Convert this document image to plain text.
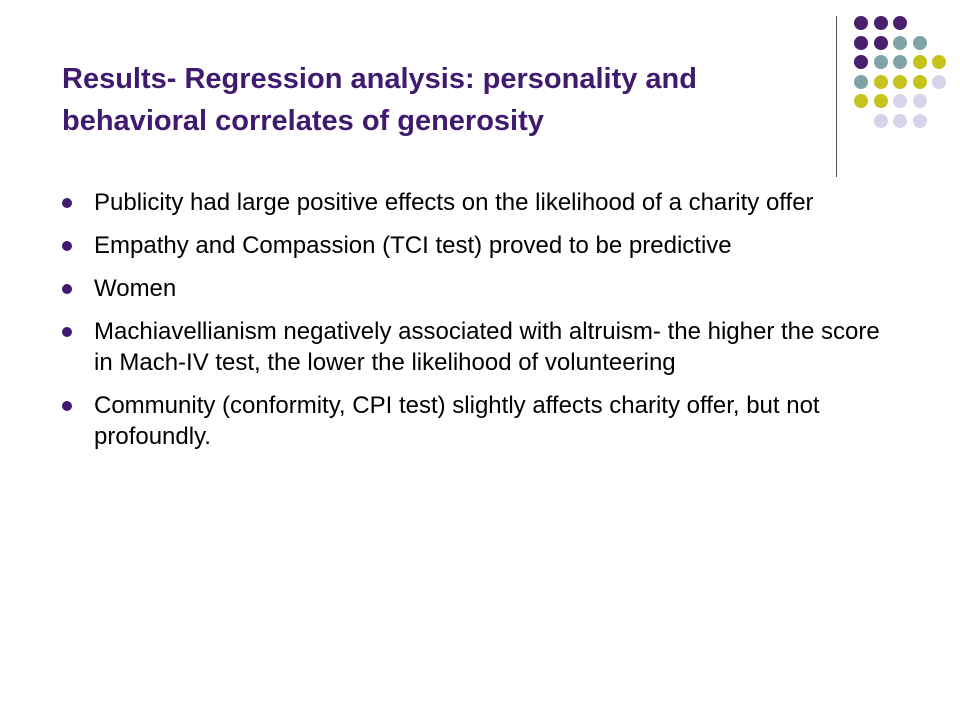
Results- Regression analysis: personality and behavioral correlates of generosity
Publicity had large positive effects on the likelihood of a charity offer
Empathy and Compassion (TCI test) proved to be predictive
Women
Machiavellianism negatively associated with altruism- the higher the score in Mach-IV test, the lower the likelihood of volunteering
Community (conformity, CPI test) slightly affects charity offer, but not profoundly.
